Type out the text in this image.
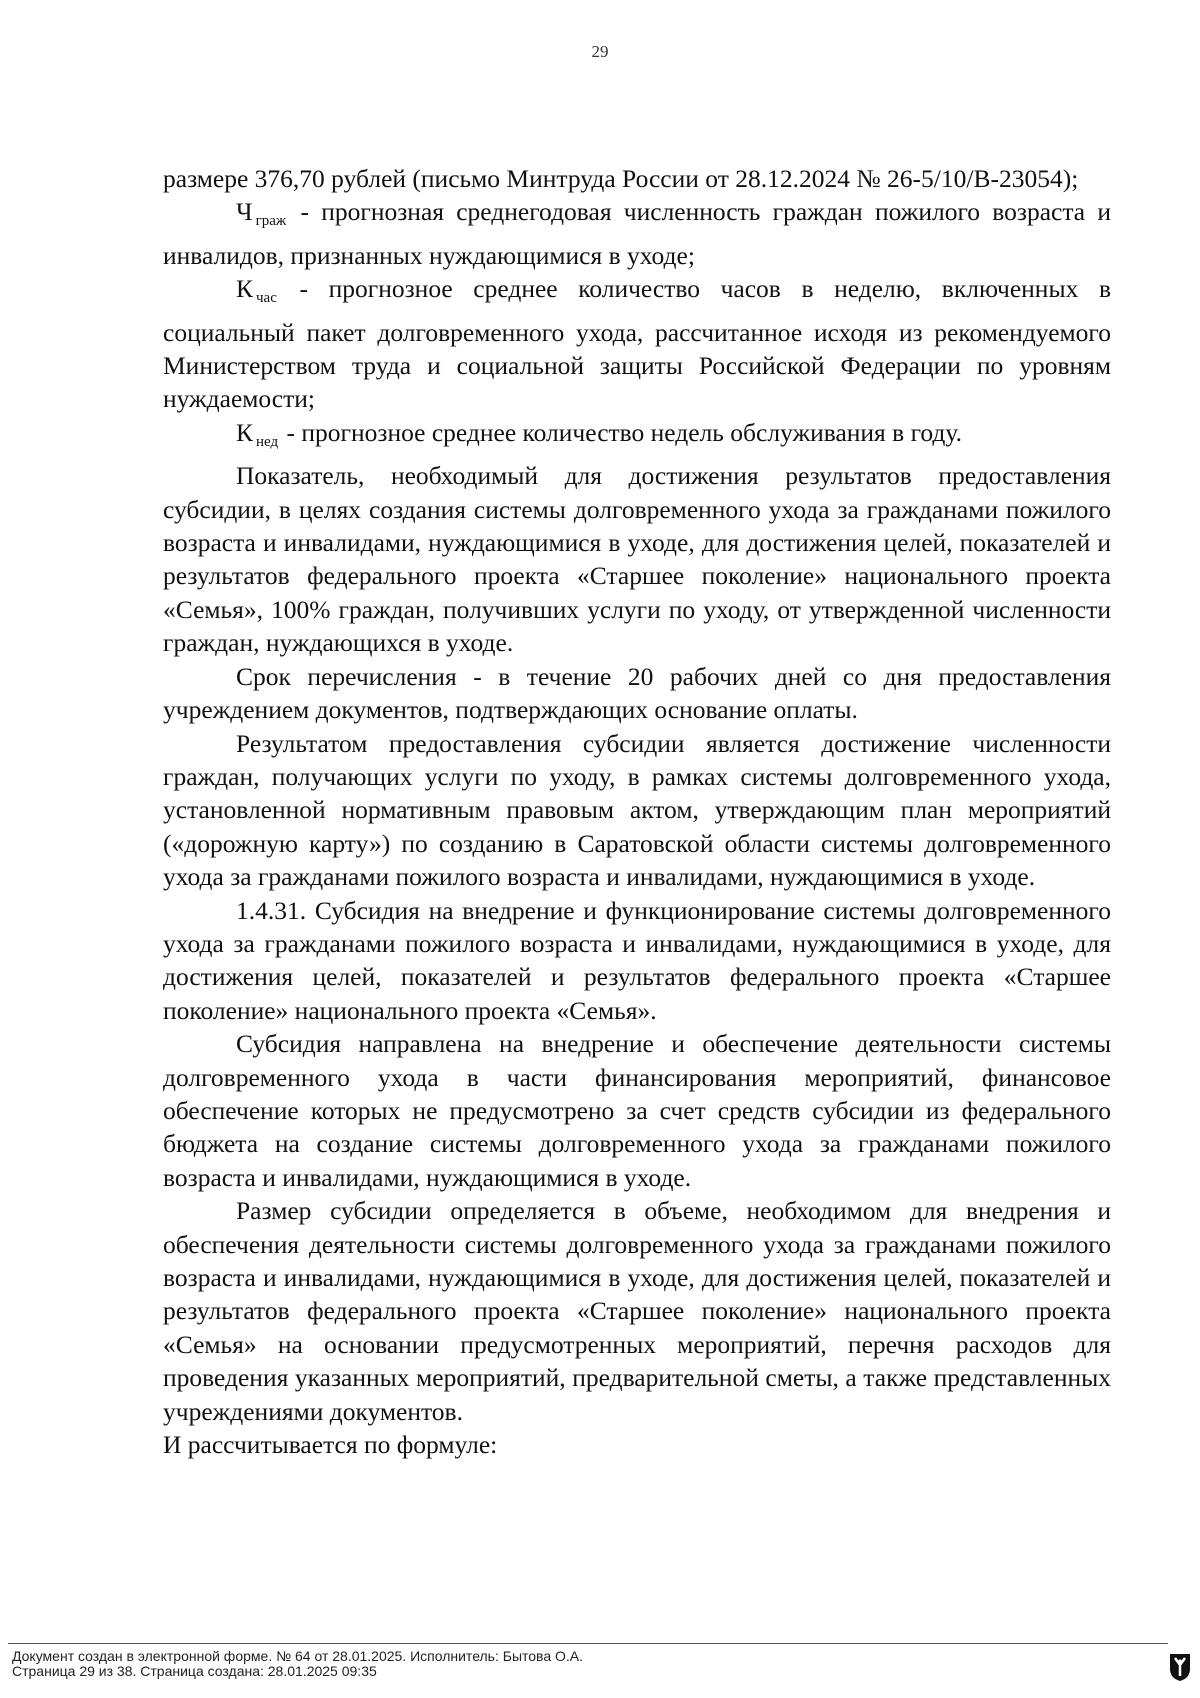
29

размере 376,70 рублей (письмо Минтруда России от 28.12.2024 № 26-5/10/В-23054);

Ч $_{граж}$ - прогнозная среднегодовая численность граждан пожилого возраста и инвалидов, признанных нуждающимися в уходе;

К $_{час}$ - прогнозное среднее количество часов в неделю, включенных в социальный пакет долговременного ухода, рассчитанное исходя из рекомендуемого Министерством труда и социальной защиты Российской Федерации по уровням нуждаемости;

К $_{нед}$ - прогнозное среднее количество недель обслуживания в году.

Показатель, необходимый для достижения результатов предоставления субсидии, в целях создания системы долговременного ухода за гражданами пожилого возраста и инвалидами, нуждающимися в уходе, для достижения целей, показателей и результатов федерального проекта «Старшее поколение» национального проекта «Семья», 100% граждан, получивших услуги по уходу, от утвержденной численности граждан, нуждающихся в уходе.

Срок перечисления - в течение 20 рабочих дней со дня предоставления учреждением документов, подтверждающих основание оплаты.

Результатом предоставления субсидии является достижение численности граждан, получающих услуги по уходу, в рамках системы долговременного ухода, установленной нормативным правовым актом, утверждающим план мероприятий («дорожную карту») по созданию в Саратовской области системы долговременного ухода за гражданами пожилого возраста и инвалидами, нуждающимися в уходе.

1.4.31. Субсидия на внедрение и функционирование системы долговременного ухода за гражданами пожилого возраста и инвалидами, нуждающимися в уходе, для достижения целей, показателей и результатов федерального проекта «Старшее поколение» национального проекта «Семья».

Субсидия направлена на внедрение и обеспечение деятельности системы долговременного ухода в части финансирования мероприятий, финансовое обеспечение которых не предусмотрено за счет средств субсидии из федерального бюджета на создание системы долговременного ухода за гражданами пожилого возраста и инвалидами, нуждающимися в уходе.

Размер субсидии определяется в объеме, необходимом для внедрения и обеспечения деятельности системы долговременного ухода за гражданами пожилого возраста и инвалидами, нуждающимися в уходе, для достижения целей, показателей и результатов федерального проекта «Старшее поколение» национального проекта «Семья» на основании предусмотренных мероприятий, перечня расходов для проведения указанных мероприятий, предварительной сметы, а также представленных учреждениями документов.

И рассчитывается по формуле:

Документ создан в электронной форме. № 64 от 28.01.2025. Исполнитель: Бытова О.А.
Страница 29 из 38. Страница создана: 28.01.2025 09:35
